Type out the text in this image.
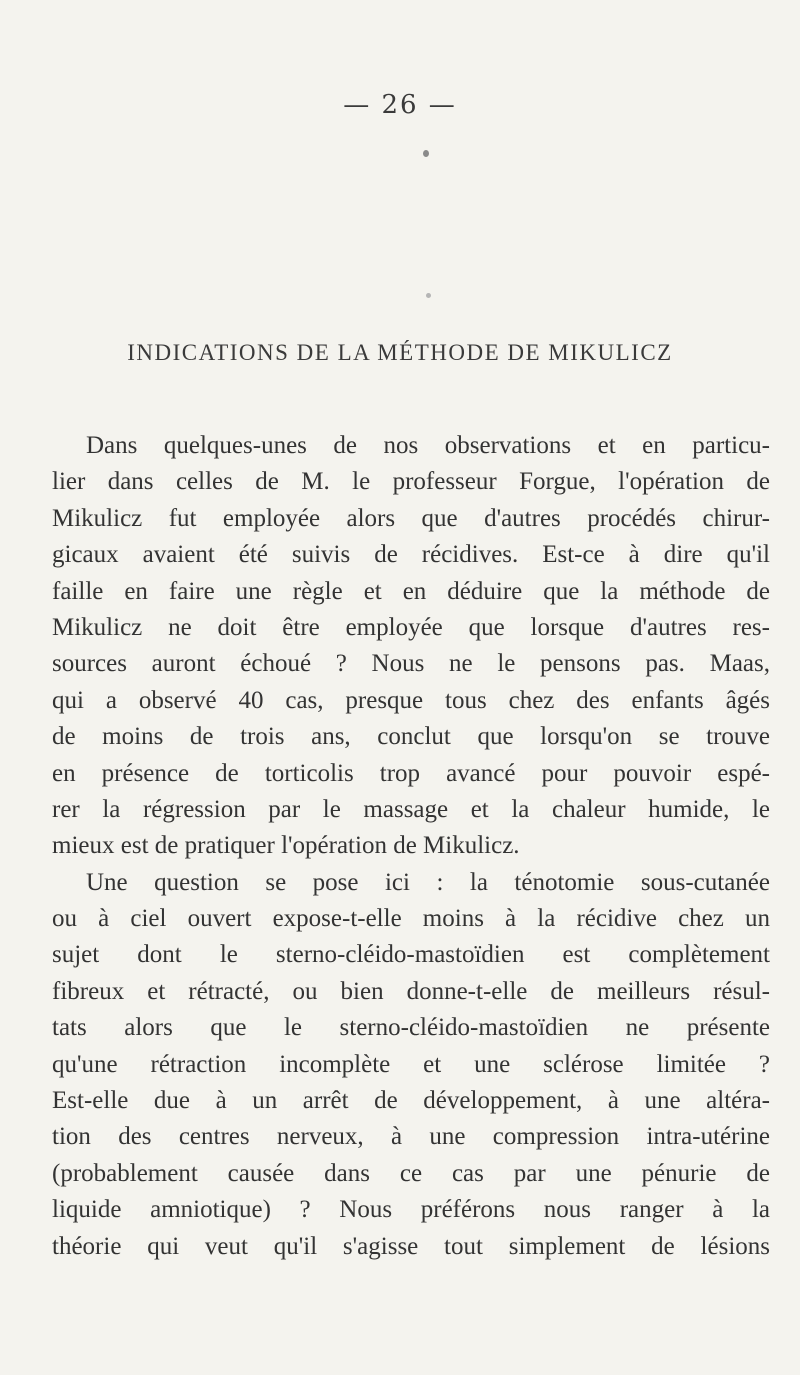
— 26 —
INDICATIONS DE LA MÉTHODE DE MIKULICZ
Dans quelques-unes de nos observations et en particu-
lier dans celles de M. le professeur Forgue, l'opération de
Mikulicz fut employée alors que d'autres procédés chirur-
gicaux avaient été suivis de récidives. Est-ce à dire qu'il
faille en faire une règle et en déduire que la méthode de
Mikulicz ne doit être employée que lorsque d'autres res-
sources auront échoué ? Nous ne le pensons pas. Maas,
qui a observé 40 cas, presque tous chez des enfants âgés
de moins de trois ans, conclut que lorsqu'on se trouve
en présence de torticolis trop avancé pour pouvoir espé-
rer la régression par le massage et la chaleur humide, le
mieux est de pratiquer l'opération de Mikulicz.
Une question se pose ici : la ténotomie sous-cutanée
ou à ciel ouvert expose-t-elle moins à la récidive chez un
sujet dont le sterno-cléido-mastoïdien est complètement
fibreux et rétracté, ou bien donne-t-elle de meilleurs résul-
tats alors que le sterno-cléido-mastoïdien ne présente
qu'une rétraction incomplète et une sclérose limitée ?
Est-elle due à un arrêt de développement, à une altéra-
tion des centres nerveux, à une compression intra-utérine
(probablement causée dans ce cas par une pénurie de
liquide amniotique) ? Nous préférons nous ranger à la
théorie qui veut qu'il s'agisse tout simplement de lésions
